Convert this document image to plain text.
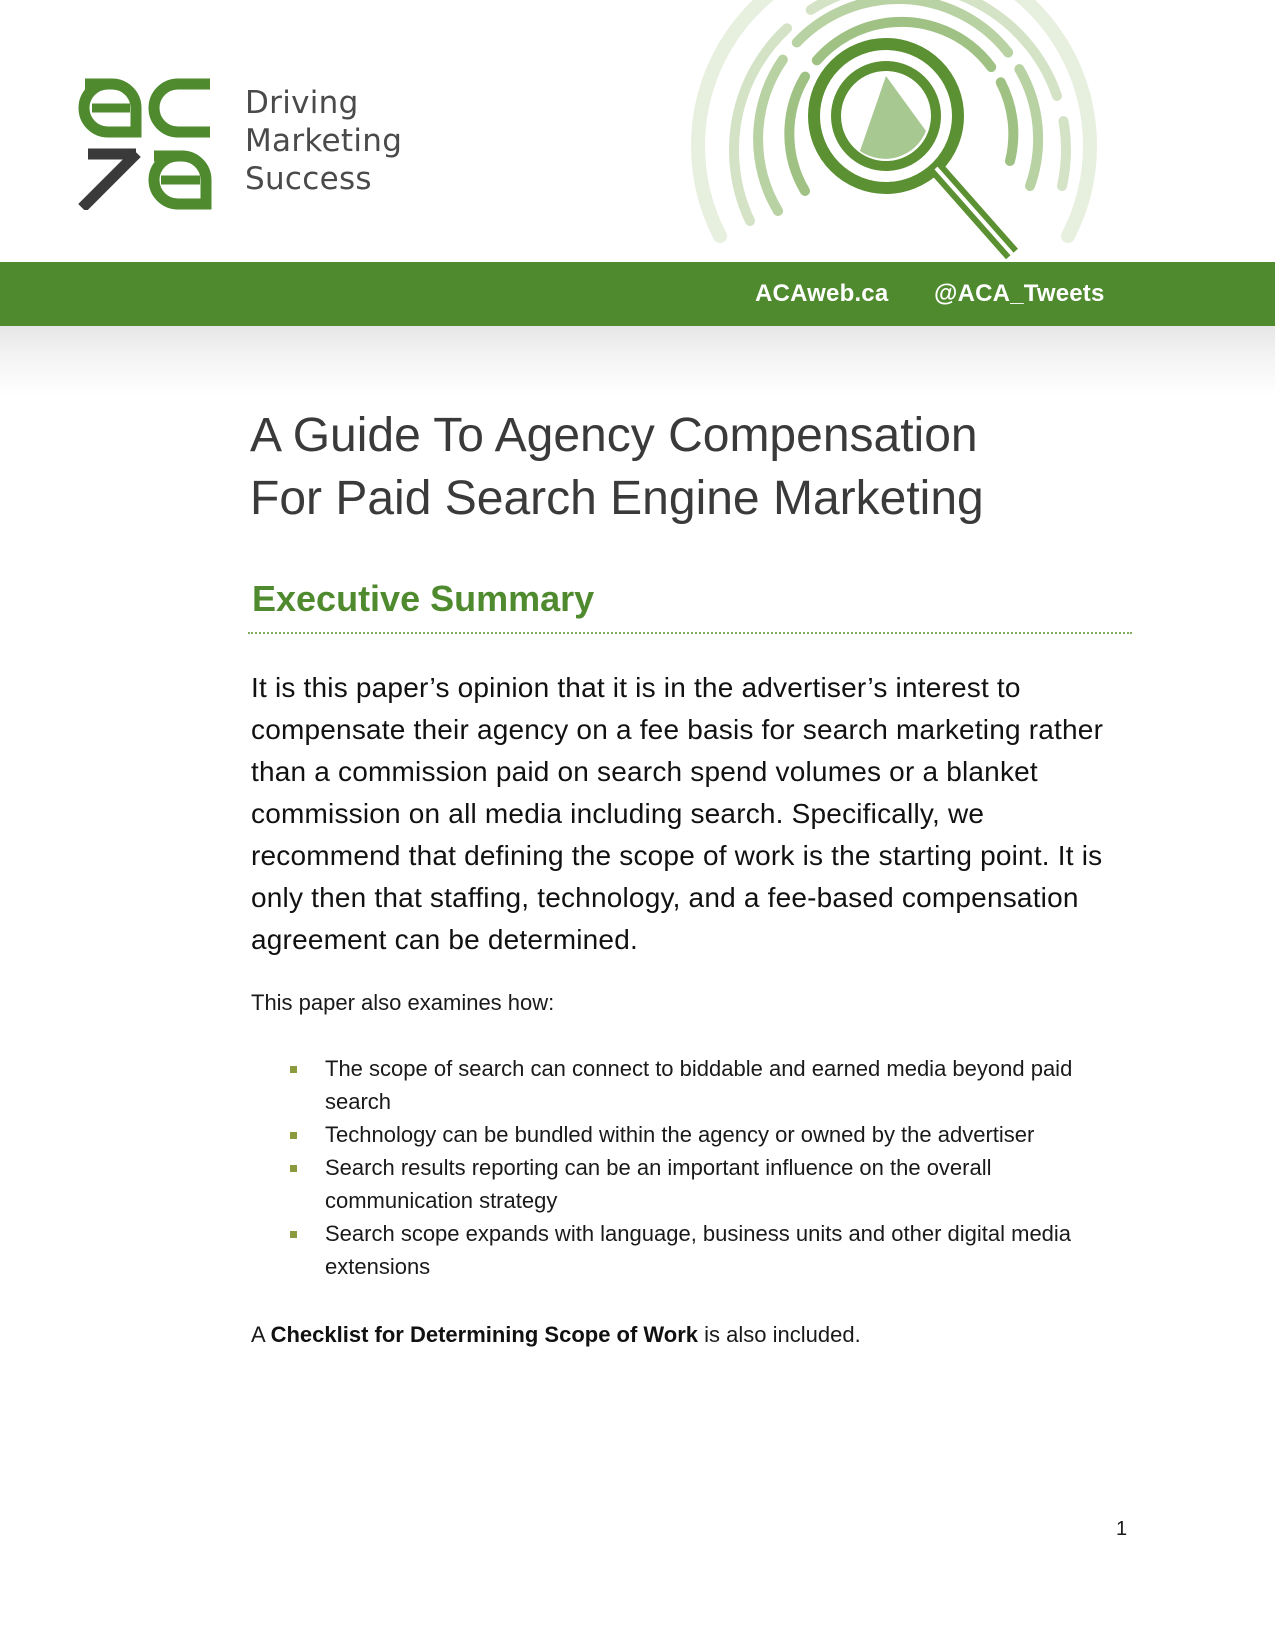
Driving
Marketing
Success
ACAweb.ca @ACA_Tweets
A Guide To Agency Compensation
For Paid Search Engine Marketing
Executive Summary

It is this paper’s opinion that it is in the advertiser’s interest to compensate their agency on a fee basis for search marketing rather than a commission paid on search spend volumes or a blanket commission on all media including search. Specifically, we recommend that defining the scope of work is the starting point. It is only then that staffing, technology, and a fee-based compensation agreement can be determined.

This paper also examines how:

The scope of search can connect to biddable and earned media beyond paid search
Technology can be bundled within the agency or owned by the advertiser
Search results reporting can be an important influence on the overall communication strategy
Search scope expands with language, business units and other digital media extensions

A Checklist for Determining Scope of Work is also included.

1
